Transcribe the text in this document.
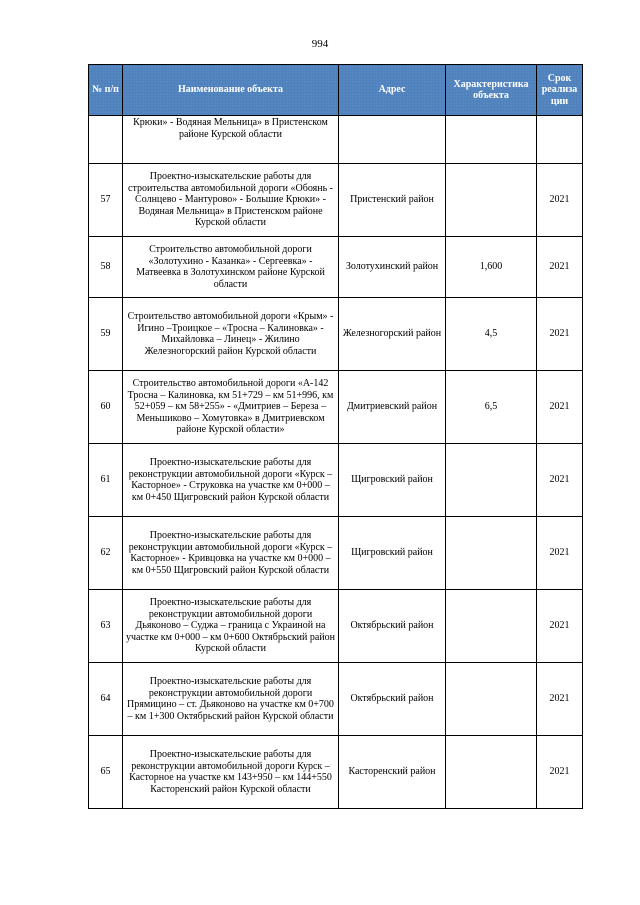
994
№ п/п	Наименование объекта	Адрес	Характеристика объекта	Срок реализа ции
	Крюки» - Водяная Мельница» в Пристенском районе Курской области			
57	Проектно-изыскательские работы для строительства автомобильной дороги «Обоянь - Солнцево - Мантурово» - Большие Крюки» - Водяная Мельница» в Пристенском районе Курской области	Пристенский район		2021
58	Строительство автомобильной дороги «Золотухино - Казанка» - Сергеевка» - Матвеевка в Золотухинском районе Курской области	Золотухинский район	1,600	2021
59	Строительство автомобильной дороги «Крым» - Игино –Троицкое – «Тросна – Калиновка» - Михайловка – Линец» - Жилино Железногорский район Курской области	Железногорский район	4,5	2021
60	Строительство автомобильной дороги «А-142 Тросна – Калиновка, км 51+729 – км 51+996, км 52+059 – км 58+255» - «Дмитриев – Береза – Меньшиково – Хомутовка» в Дмитриевском районе Курской области»	Дмитриевский район	6,5	2021
61	Проектно-изыскательские работы для реконструкции автомобильной дороги «Курск – Касторное» - Струковка на участке км 0+000 – км 0+450 Щигровский район Курской области	Щигровский район		2021
62	Проектно-изыскательские работы для реконструкции автомобильной дороги «Курск – Касторное» - Кривцовка на участке км 0+000 – км 0+550 Щигровский район Курской области	Щигровский район		2021
63	Проектно-изыскательские работы для реконструкции автомобильной дороги Дьяконово – Суджа – граница с Украиной на участке км 0+000 – км 0+600 Октябрьский район Курской области	Октябрьский район		2021
64	Проектно-изыскательские работы для реконструкции автомобильной дороги Прямицино – ст. Дьяконово на участке км 0+700 – км 1+300 Октябрьский район Курской области	Октябрьский район		2021
65	Проектно-изыскательские работы для реконструкции автомобильной дороги Курск – Касторное на участке км 143+950 – км 144+550 Касторенский район Курской области	Касторенский район		2021
